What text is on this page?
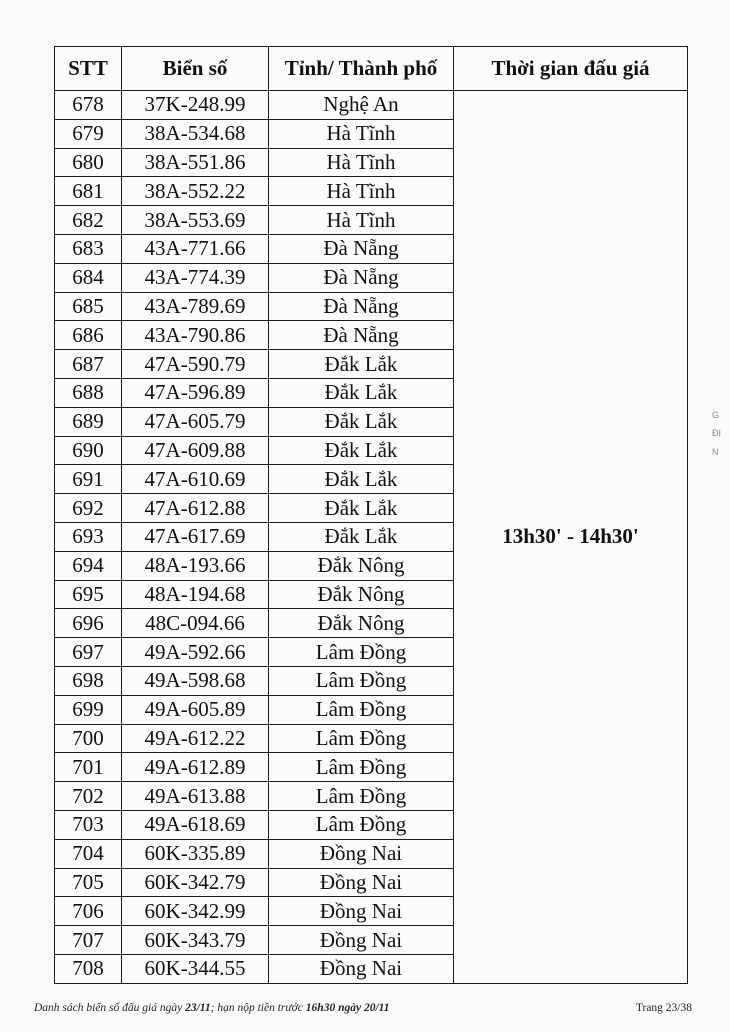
STT	Biển số	Tỉnh/ Thành phố	Thời gian đấu giá
678	37K-248.99	Nghệ An	13h30' - 14h30'
679	38A-534.68	Hà Tĩnh	
680	38A-551.86	Hà Tĩnh	
681	38A-552.22	Hà Tĩnh	
682	38A-553.69	Hà Tĩnh	
683	43A-771.66	Đà Nẵng	
684	43A-774.39	Đà Nẵng	
685	43A-789.69	Đà Nẵng	
686	43A-790.86	Đà Nẵng	
687	47A-590.79	Đắk Lắk	
688	47A-596.89	Đắk Lắk	
689	47A-605.79	Đắk Lắk	
690	47A-609.88	Đắk Lắk	
691	47A-610.69	Đắk Lắk	
692	47A-612.88	Đắk Lắk	
693	47A-617.69	Đắk Lắk	
694	48A-193.66	Đắk Nông	
695	48A-194.68	Đắk Nông	
696	48C-094.66	Đắk Nông	
697	49A-592.66	Lâm Đồng	
698	49A-598.68	Lâm Đồng	
699	49A-605.89	Lâm Đồng	
700	49A-612.22	Lâm Đồng	
701	49A-612.89	Lâm Đồng	
702	49A-613.88	Lâm Đồng	
703	49A-618.69	Lâm Đồng	
704	60K-335.89	Đồng Nai	
705	60K-342.79	Đồng Nai	
706	60K-342.99	Đồng Nai	
707	60K-343.79	Đồng Nai	
708	60K-344.55	Đồng Nai	
Danh sách biển số đấu giá ngày 23/11; hạn nộp tiền trước 16h30 ngày 20/11	Trang 23/38
G
ĐI
N
